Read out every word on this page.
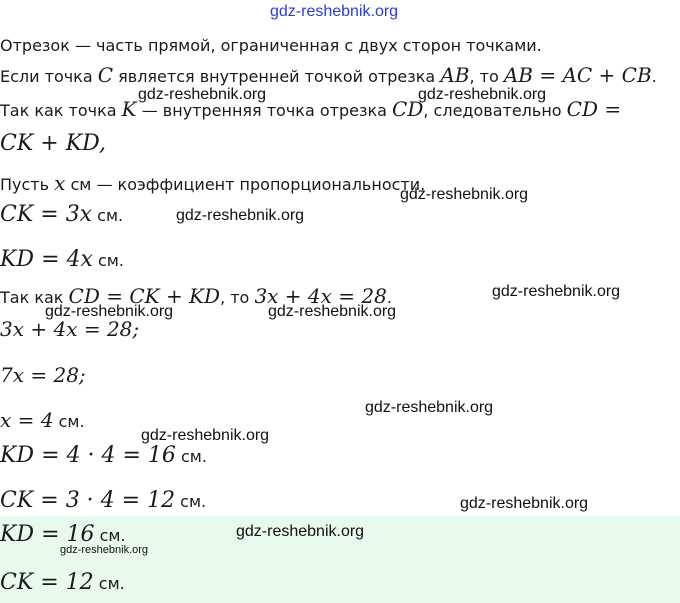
gdz-reshebnik.org
Отрезок — часть прямой, ограниченная с двух сторон точками.
Если точка C является внутренней точкой отрезка AB, то AB = AC + CB.
Так как точка K — внутренняя точка отрезка CD, следовательно CD =
CK + KD,
Пусть x см — коэффициент пропорциональности.
CK = 3x см.
KD = 4x см.
Так как CD = CK + KD, то 3x + 4x = 28.
3x + 4x = 28;
7x = 28;
x = 4 см.
KD = 4 · 4 = 16 см.
CK = 3 · 4 = 12 см.
KD = 16 см.
CK = 12 см.
gdz-reshebnik.org	gdz-reshebnik.org
gdz-reshebnik.org
gdz-reshebnik.org
gdz-reshebnik.org
gdz-reshebnik.org	gdz-reshebnik.org
gdz-reshebnik.org
gdz-reshebnik.org
gdz-reshebnik.org
gdz-reshebnik.org
gdz-reshebnik.org
